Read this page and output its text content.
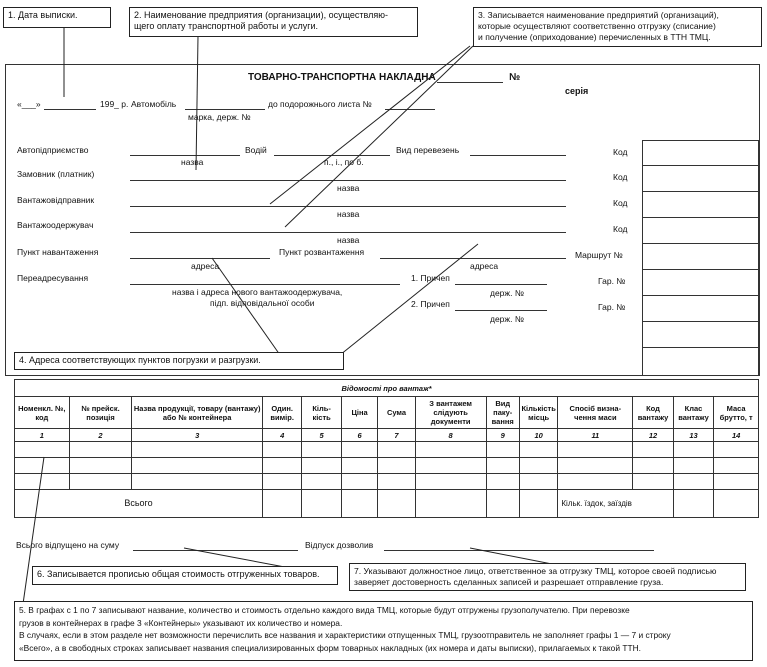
ТОВАРНО-ТРАНСПОРТНА НАКЛАДНА	№
серія
«___»	199_ р. Автомобіль	до подорожнього листа №
марка, держ. №
Автопідприємство	Водій	Вид перевезень
назва	п., і., по б.
Замовник (платник)
назва
Вантажовідправник
назва
Вантажоодержувач
назва
Пункт навантаження	Пункт розвантаження
адреса	адреса
Переадресування
назва і адреса нового вантажоодержувача,
підп. відповідальної особи
1. Причеп
держ. №
2. Причеп
держ. №
Код
Код
Код
Код
Маршрут №
Гар. №
Гар. №
Відомості про вантаж*													
Номенкл. №, код	№ прейск. позиція	Назва продукції, товару (вантажу) або № контейнера	Один. вимір.	Кіль- кість	Ціна	Сума	З вантажем слідують документи	Вид паку- вання	Кількість місць	Спосіб визна- чення маси	Код вантажу	Клас вантажу	Маса брутто, т
1	2	3	4	5	6	7	8	9	10	11	12	13	14

Всього										Кільк. їздок, заїздів			
Всього відпущено на суму	Відпуск дозволив
1. Дата выписки.	2. Наименование предприятия (организации), осуществляю-
щего оплату транспортной работы и услуги.
3. Записывается наименование предприятий (организаций),
которые осуществляют соответственно отгрузку (списание)
и получение (оприходование) перечисленных в ТТН ТМЦ.
4. Адреса соответствующих пунктов погрузки и разгрузки.
6. Записывается прописью общая стоимость отгруженных товаров.	7. Указывают должностное лицо, ответственное за отгрузку ТМЦ, которое своей подписью
заверяет достоверность сделанных записей и разрешает отправление груза.
5. В графах с 1 по 7 записывают название, количество и стоимость отдельно каждого вида ТМЦ, которые будут отгружены грузополучателю. При перевозке
грузов в контейнерах в графе 3 «Контейнеры» указывают их количество и номера.
В случаях, если в этом разделе нет возможности перечислить все названия и характеристики отпущенных ТМЦ, грузоотправитель не заполняет графы 1 — 7 и строку
«Всего», а в свободных строках записывает названия специализированных форм товарных накладных (их номера и даты выписки), прилагаемых к такой ТТН.
